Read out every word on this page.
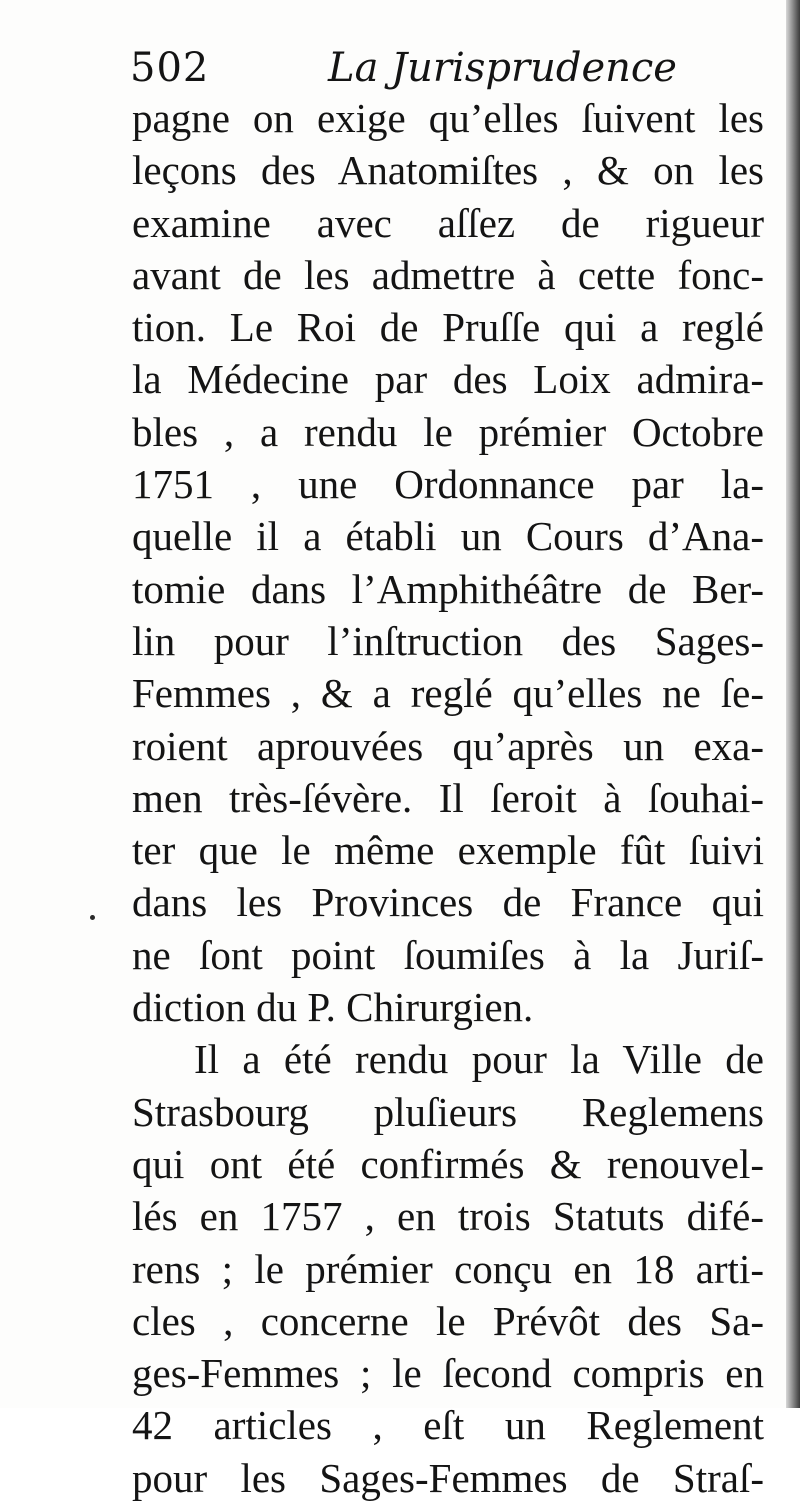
502	La Jurisprudence
pagne on exige qu’elles ſuivent les
leçons des Anatomiſtes , & on les
examine avec aſſez de rigueur
avant de les admettre à cette fonc-
tion. Le Roi de Pruſſe qui a reglé
la Médecine par des Loix admira-
bles , a rendu le prémier Octobre
1751 , une Ordonnance par la-
quelle il a établi un Cours d’Ana-
tomie dans l’Amphithéâtre de Ber-
lin pour l’inſtruction des Sages-
Femmes , & a reglé qu’elles ne ſe-
roient aprouvées qu’après un exa-
men très-ſévère. Il ſeroit à ſouhai-
ter que le même exemple fût ſuivi
dans les Provinces de France qui
ne ſont point ſoumiſes à la Juriſ-
diction du P. Chirurgien.
Il a été rendu pour la Ville de
Strasbourg pluſieurs Reglemens
qui ont été confirmés & renouvel-
lés en 1757 , en trois Statuts difé-
rens ; le prémier conçu en 18 arti-
cles , concerne le Prévôt des Sa-
ges-Femmes ; le ſecond compris en
42 articles , eſt un Reglement
pour les Sages-Femmes de Straſ-
